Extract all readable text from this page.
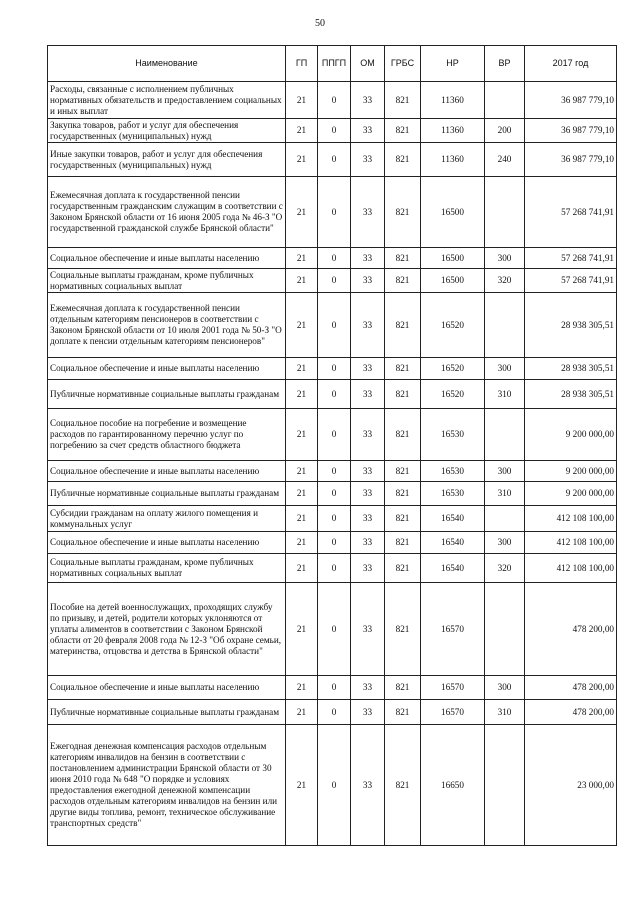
50
Наименование	ГП	ППГП	ОМ	ГРБС	НР	ВР	2017 год
Расходы, связанные с исполнением публичных нормативных обязательств и предоставлением социальных и иных выплат	21	0	33	821	11360		36 987 779,10
Закупка товаров, работ и услуг для обеспечения государственных (муниципальных) нужд	21	0	33	821	11360	200	36 987 779,10
Иные закупки товаров, работ и услуг для обеспечения государственных (муниципальных) нужд	21	0	33	821	11360	240	36 987 779,10
Ежемесячная доплата к государственной пенсии государственным гражданским служащим в соответствии с Законом Брянской области от 16 июня 2005 года № 46-З "О государственной гражданской службе Брянской области"	21	0	33	821	16500		57 268 741,91
Социальное обеспечение и иные выплаты населению	21	0	33	821	16500	300	57 268 741,91
Социальные выплаты гражданам, кроме публичных нормативных социальных выплат	21	0	33	821	16500	320	57 268 741,91
Ежемесячная доплата к государственной пенсии отдельным категориям пенсионеров в соответствии с Законом Брянской области от 10 июля 2001 года № 50-З "О доплате к пенсии отдельным категориям пенсионеров"	21	0	33	821	16520		28 938 305,51
Социальное обеспечение и иные выплаты населению	21	0	33	821	16520	300	28 938 305,51
Публичные нормативные социальные выплаты гражданам	21	0	33	821	16520	310	28 938 305,51
Социальное пособие на погребение и возмещение расходов по гарантированному перечню услуг по погребению за счет средств областного бюджета	21	0	33	821	16530		9 200 000,00
Социальное обеспечение и иные выплаты населению	21	0	33	821	16530	300	9 200 000,00
Публичные нормативные социальные выплаты гражданам	21	0	33	821	16530	310	9 200 000,00
Субсидии гражданам на оплату жилого помещения и коммунальных услуг	21	0	33	821	16540		412 108 100,00
Социальное обеспечение и иные выплаты населению	21	0	33	821	16540	300	412 108 100,00
Социальные выплаты гражданам, кроме публичных нормативных социальных выплат	21	0	33	821	16540	320	412 108 100,00
Пособие на детей военнослужащих, проходящих службу по призыву, и детей, родители которых уклоняются от уплаты алиментов в соответствии с Законом Брянской области от 20 февраля 2008 года № 12-З "Об охране семьи, материнства, отцовства и детства в Брянской области"	21	0	33	821	16570		478 200,00
Социальное обеспечение и иные выплаты населению	21	0	33	821	16570	300	478 200,00
Публичные нормативные социальные выплаты гражданам	21	0	33	821	16570	310	478 200,00
Ежегодная денежная компенсация расходов отдельным категориям инвалидов на бензин в соответствии с постановлением администрации Брянской области от 30 июня 2010 года № 648 "О порядке и условиях предоставления ежегодной денежной компенсации расходов отдельным категориям инвалидов на бензин или другие виды топлива, ремонт, техническое обслуживание транспортных средств"	21	0	33	821	16650		23 000,00
